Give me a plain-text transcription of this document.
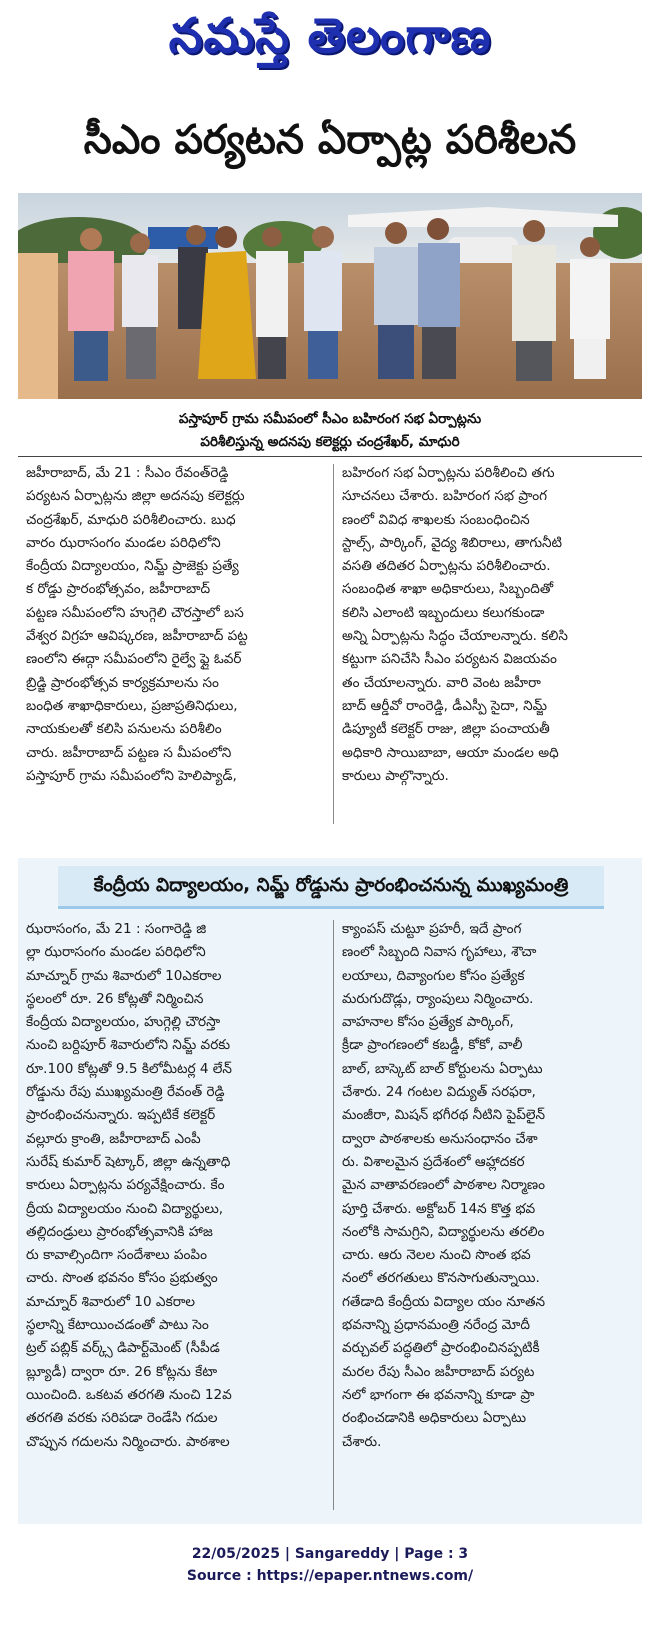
నమస్తే తెలంగాణ
సీఎం పర్యటన ఏర్పాట్ల పరిశీలన
పస్తాపూర్ గ్రామ సమీపంలో సీఎం బహిరంగ సభ ఏర్పాట్లను
పరిశీలిస్తున్న అదనపు కలెక్టర్లు చంద్రశేఖర్, మాధురి
జహీరాబాద్, మే 21 : సీఎం రేవంత్‌రెడ్డి
పర్యటన ఏర్పాట్లను జిల్లా అదనపు కలెక్టర్లు
చంద్రశేఖర్, మాధురి పరిశీలించారు. బుధ
వారం ఝరాసంగం మండల పరిధిలోని
కేంద్రీయ విద్యాలయం, నిమ్జ్ ప్రాజెక్టు ప్రత్యే
క రోడ్డు ప్రారంభోత్సవం, జహీరాబాద్
పట్టణ సమీపంలోని హుగ్గెలి చౌరస్తాలో బస
వేశ్వర విగ్రహ ఆవిష్కరణ, జహీరాబాద్ పట్ట
ణంలోని ఈద్గా సమీపంలోని రైల్వే ఫ్లై ఓవర్
బ్రిడ్జి ప్రారంభోత్సవ కార్యక్రమాలను సం
బంధిత శాఖాధికారులు, ప్రజాప్రతినిధులు,
నాయకులతో కలిసి పనులను పరిశీలిం
చారు. జహీరాబాద్ పట్టణ స మీపంలోని
పస్తాపూర్ గ్రామ సమీపంలోని హెలిప్యాడ్,
బహిరంగ సభ ఏర్పాట్లను పరిశీలించి తగు
సూచనలు చేశారు. బహిరంగ సభ ప్రాంగ
ణంలో వివిధ శాఖలకు సంబంధించిన
స్టాల్స్, పార్కింగ్, వైద్య శిబిరాలు, తాగునీటి
వసతి తదితర ఏర్పాట్లను పరిశీలించారు.
సంబంధిత శాఖా అధికారులు, సిబ్బందితో
కలిసి ఎలాంటి ఇబ్బందులు కలుగకుండా
అన్ని ఏర్పాట్లను సిద్ధం చేయాలన్నారు. కలిసి
కట్టుగా పనిచేసి సీఎం పర్యటన విజయవం
తం చేయాలన్నారు. వారి వెంట జహీరా
బాద్ ఆర్డీవో రాంరెడ్డి, డీఎస్పీ సైదా, నిమ్జ్
డిప్యూటీ కలెక్టర్ రాజు, జిల్లా పంచాయతీ
అధికారి సాయిబాబా, ఆయా మండల అధి
కారులు పాల్గొన్నారు.
కేంద్రీయ విద్యాలయం, నిమ్జ్ రోడ్డును ప్రారంభించనున్న ముఖ్యమంత్రి
ఝరాసంగం, మే 21 : సంగారెడ్డి జి
ల్లా ఝరాసంగం మండల పరిధిలోని
మాచ్నూర్ గ్రామ శివారులో 10ఎకరాల
స్థలంలో రూ. 26 కోట్లతో నిర్మించిన
కేంద్రీయ విద్యాలయం, హుగ్గెల్లి చౌరస్తా
నుంచి బర్దిపూర్ శివారులోని నిమ్జ్ వరకు
రూ.100 కోట్లతో 9.5 కిలోమీటర్ల 4 లేన్
రోడ్డును రేపు ముఖ్యమంత్రి రేవంత్ రెడ్డి
ప్రారంభించనున్నారు. ఇప్పటికే కలెక్టర్
వల్లూరు క్రాంతి, జహీరాబాద్ ఎంపీ
సురేష్ కుమార్ షెట్కార్, జిల్లా ఉన్నతాధి
కారులు ఏర్పాట్లను పర్యవేక్షించారు. కేం
ద్రీయ విద్యాలయం నుంచి విద్యార్థులు,
తల్లిదండ్రులు ప్రారంభోత్సవానికి హాజ
రు కావాల్సిందిగా సందేశాలు పంపిం
చారు. సొంత భవనం కోసం ప్రభుత్వం
మాచ్నూర్ శివారులో 10 ఎకరాల
స్థలాన్ని కేటాయించడంతో పాటు సెం
ట్రల్ పబ్లిక్ వర్క్స్ డిపార్ట్‌మెంట్ (సీపీడ
బ్ల్యూడీ) ద్వారా రూ. 26 కోట్లను కేటా
యించింది. ఒకటవ తరగతి నుంచి 12వ
తరగతి వరకు సరిపడా రెండేసి గదుల
చొప్పున గదులను నిర్మించారు. పాఠశాల
క్యాంపస్ చుట్టూ ప్రహరీ, ఇదే ప్రాంగ
ణంలో సిబ్బంది నివాస గృహాలు, శౌచా
లయాలు, దివ్యాంగుల కోసం ప్రత్యేక
మరుగుదొడ్లు, ర్యాంపులు నిర్మించారు.
వాహనాల కోసం ప్రత్యేక పార్కింగ్,
క్రీడా ప్రాంగణంలో కబడ్డీ, కోకో, వాలీ
బాల్, బాస్కెట్ బాల్ కోర్టులను ఏర్పాటు
చేశారు. 24 గంటల విద్యుత్ సరఫరా,
మంజీరా, మిషన్ భగీరథ నీటిని పైప్‌లైన్
ద్వారా పాఠశాలకు అనుసంధానం చేశా
రు. విశాలమైన ప్రదేశంలో ఆహ్లాదకర
మైన వాతావరణంలో పాఠశాల నిర్మాణం
పూర్తి చేశారు. అక్టోబర్ 14న కొత్త భవ
నంలోకి సామగ్రిని, విద్యార్థులను తరలిం
చారు. ఆరు నెలల నుంచి సొంత భవ
నంలో తరగతులు కొనసాగుతున్నాయి.
గతేడాది కేంద్రీయ విద్యాల యం నూతన
భవనాన్ని ప్రధానమంత్రి నరేంద్ర మోదీ
వర్చువల్ పద్ధతిలో ప్రారంభించినప్పటికీ
మరల రేపు సీఎం జహీరాబాద్ పర్యట
నలో భాగంగా ఈ భవనాన్ని కూడా ప్రా
రంభించడానికి అధికారులు ఏర్పాటు
చేశారు.
22/05/2025 | Sangareddy | Page : 3
Source : https://epaper.ntnews.com/
